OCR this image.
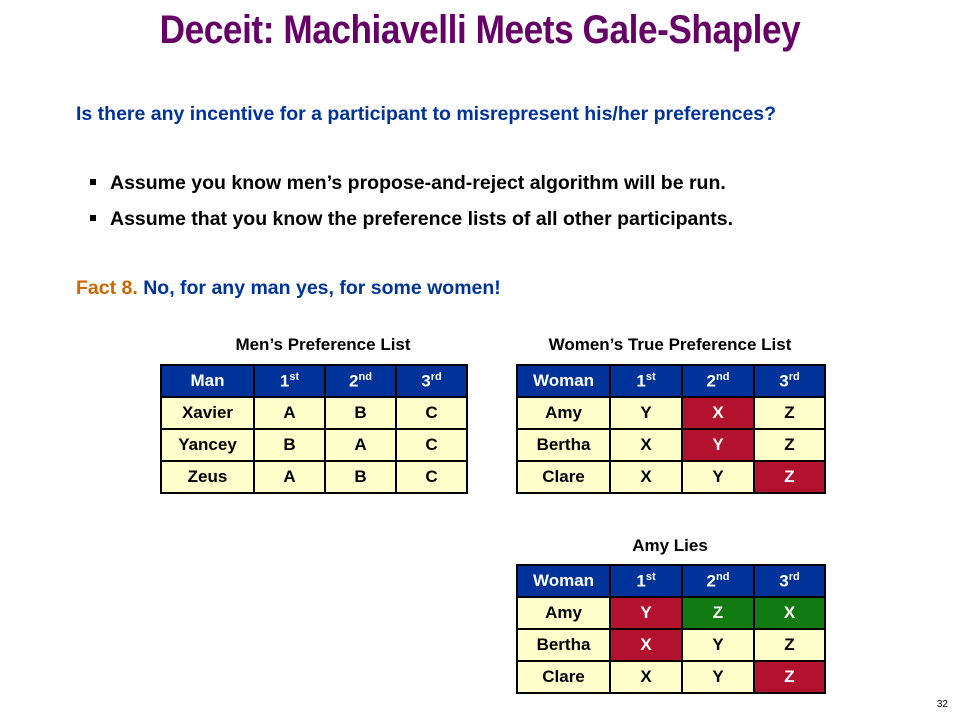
Deceit: Machiavelli Meets Gale-Shapley
Is there any incentive for a participant to misrepresent his/her preferences?
Assume you know men’s propose-and-reject algorithm will be run.
Assume that you know the preference lists of all other participants.
Fact 8. No, for any man yes, for some women!
Men’s Preference List
Man	1st	2nd	3rd
Xavier	A	B	C
Yancey	B	A	C
Zeus	A	B	C
Women’s True Preference List
Woman	1st	2nd	3rd
Amy	Y	X	Z
Bertha	X	Y	Z
Clare	X	Y	Z
Amy Lies
Woman	1st	2nd	3rd
Amy	Y	Z	X
Bertha	X	Y	Z
Clare	X	Y	Z
32
